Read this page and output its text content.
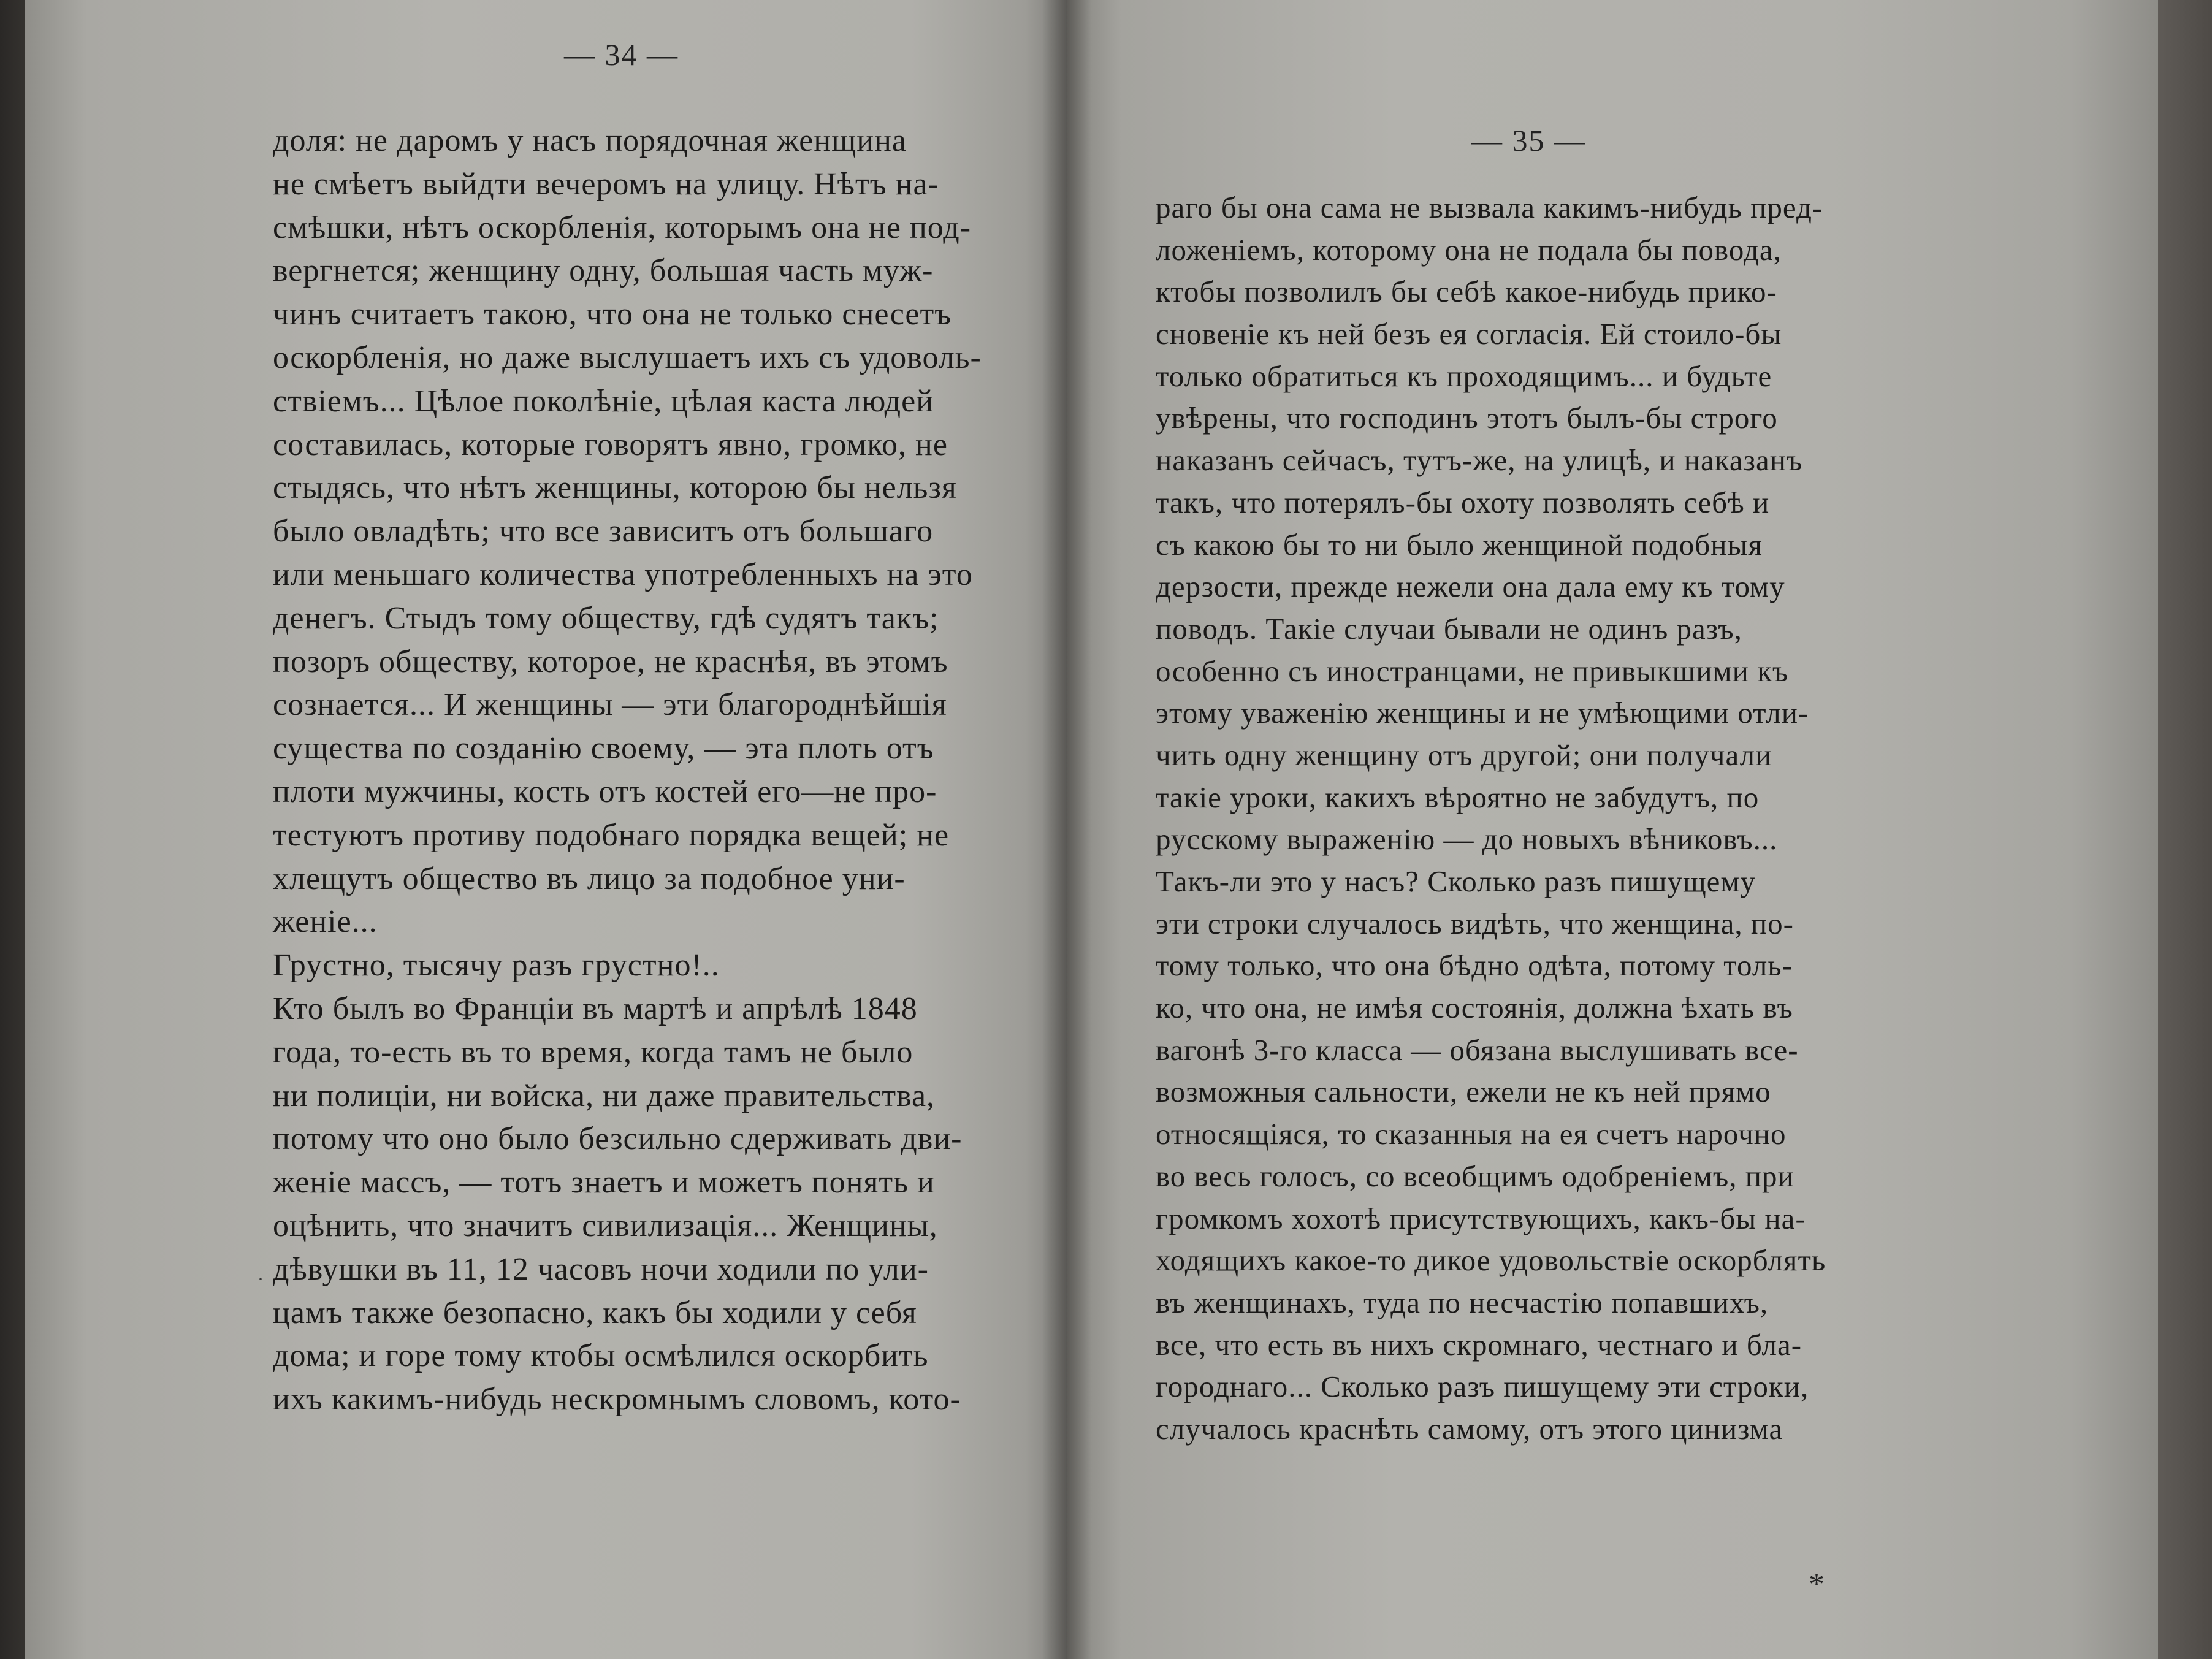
— 34 —
доля: не даромъ у насъ порядочная женщина
не смѣетъ выйдти вечеромъ на улицу. Нѣтъ на-
смѣшки, нѣтъ оскорбленія, которымъ она не под-
вергнется; женщину одну, большая часть муж-
чинъ считаетъ такою, что она не только снесетъ
оскорбленія, но даже выслушаетъ ихъ съ удоволь-
ствіемъ... Цѣлое поколѣніе, цѣлая каста людей
составилась, которые говорятъ явно, громко, не
стыдясь, что нѣтъ женщины, которою бы нельзя
было овладѣть; что все зависитъ отъ большаго
или меньшаго количества употребленныхъ на это
денегъ. Стыдъ тому обществу, гдѣ судятъ такъ;
позоръ обществу, которое, не краснѣя, въ этомъ
сознается... И женщины — эти благороднѣйшія
существа по созданію своему, — эта плоть отъ
плоти мужчины, кость отъ костей его—не про-
тестуютъ противу подобнаго порядка вещей; не
хлещутъ общество въ лицо за подобное уни-
женіе...
Грустно, тысячу разъ грустно!..
Кто былъ во Франціи въ мартѣ и апрѣлѣ 1848
года, то-есть въ то время, когда тамъ не было
ни полиціи, ни войска, ни даже правительства,
потому что оно было безсильно сдерживать дви-
женіе массъ, — тотъ знаетъ и можетъ понять и
оцѣнить, что значитъ сивилизація... Женщины,
дѣвушки въ 11, 12 часовъ ночи ходили по ули-
цамъ также безопасно, какъ бы ходили у себя
дома; и горе тому ктобы осмѣлился оскорбить
ихъ какимъ-нибудь нескромнымъ словомъ, кото-
·
— 35 —
раго бы она сама не вызвала какимъ-нибудь пред-
ложеніемъ, которому она не подала бы повода,
ктобы позволилъ бы себѣ какое-нибудь прико-
сновеніе къ ней безъ ея согласія. Ей стоило-бы
только обратиться къ проходящимъ... и будьте
увѣрены, что господинъ этотъ былъ-бы строго
наказанъ сейчасъ, тутъ-же, на улицѣ, и наказанъ
такъ, что потерялъ-бы охоту позволять себѣ и
съ какою бы то ни было женщиной подобныя
дерзости, прежде нежели она дала ему къ тому
поводъ. Такіе случаи бывали не одинъ разъ,
особенно съ иностранцами, не привыкшими къ
этому уваженію женщины и не умѣющими отли-
чить одну женщину отъ другой; они получали
такіе уроки, какихъ вѣроятно не забудутъ, по
русскому выраженію — до новыхъ вѣниковъ...
Такъ-ли это у насъ? Сколько разъ пишущему
эти строки случалось видѣть, что женщина, по-
тому только, что она бѣдно одѣта, потому толь-
ко, что она, не имѣя состоянія, должна ѣхать въ
вагонѣ 3-го класса — обязана выслушивать все-
возможныя сальности, ежели не къ ней прямо
относящіяся, то сказанныя на ея счетъ нарочно
во весь голосъ, со всеобщимъ одобреніемъ, при
громкомъ хохотѣ присутствующихъ, какъ-бы на-
ходящихъ какое-то дикое удовольствіе оскорблять
въ женщинахъ, туда по несчастію попавшихъ,
все, что есть въ нихъ скромнаго, честнаго и бла-
городнаго... Сколько разъ пишущему эти строки,
случалось краснѣть самому, отъ этого цинизма
*
